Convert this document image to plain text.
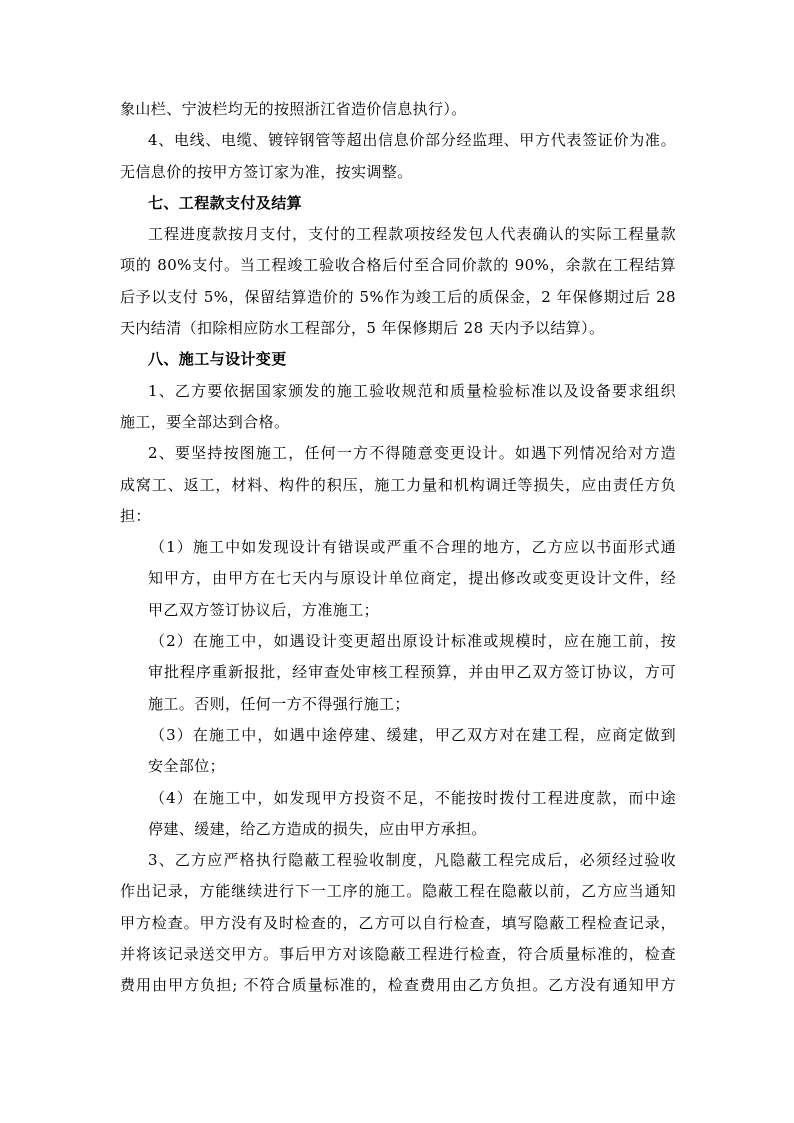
象山栏、宁波栏均无的按照浙江省造价信息执行）。
4、电线、电缆、镀锌钢管等超出信息价部分经监理、甲方代表签证价为准。
无信息价的按甲方签订家为准，按实调整。
七、工程款支付及结算
工程进度款按月支付，支付的工程款项按经发包人代表确认的实际工程量款
项的 80%支付。当工程竣工验收合格后付至合同价款的 90%，余款在工程结算
后予以支付 5%，保留结算造价的 5%作为竣工后的质保金，2 年保修期过后 28
天内结清（扣除相应防水工程部分，5 年保修期后 28 天内予以结算）。
八、施工与设计变更
1、乙方要依据国家颁发的施工验收规范和质量检验标准以及设备要求组织
施工，要全部达到合格。
2、要坚持按图施工，任何一方不得随意变更设计。如遇下列情况给对方造
成窝工、返工，材料、构件的积压，施工力量和机构调迁等损失，应由责任方负
担：
（1）施工中如发现设计有错误或严重不合理的地方，乙方应以书面形式通
知甲方，由甲方在七天内与原设计单位商定，提出修改或变更设计文件，经
甲乙双方签订协议后，方准施工；
（2）在施工中，如遇设计变更超出原设计标准或规模时，应在施工前，按
审批程序重新报批，经审查处审核工程预算，并由甲乙双方签订协议，方可
施工。否则，任何一方不得强行施工；
（3）在施工中，如遇中途停建、缓建，甲乙双方对在建工程，应商定做到
安全部位；
（4）在施工中，如发现甲方投资不足，不能按时拨付工程进度款，而中途
停建、缓建，给乙方造成的损失，应由甲方承担。
3、乙方应严格执行隐蔽工程验收制度，凡隐蔽工程完成后，必须经过验收
作出记录，方能继续进行下一工序的施工。隐蔽工程在隐蔽以前，乙方应当通知
甲方检查。甲方没有及时检查的，乙方可以自行检查，填写隐蔽工程检查记录，
并将该记录送交甲方。事后甲方对该隐蔽工程进行检查，符合质量标准的，检查
费用由甲方负担; 不符合质量标准的，检查费用由乙方负担。乙方没有通知甲方
